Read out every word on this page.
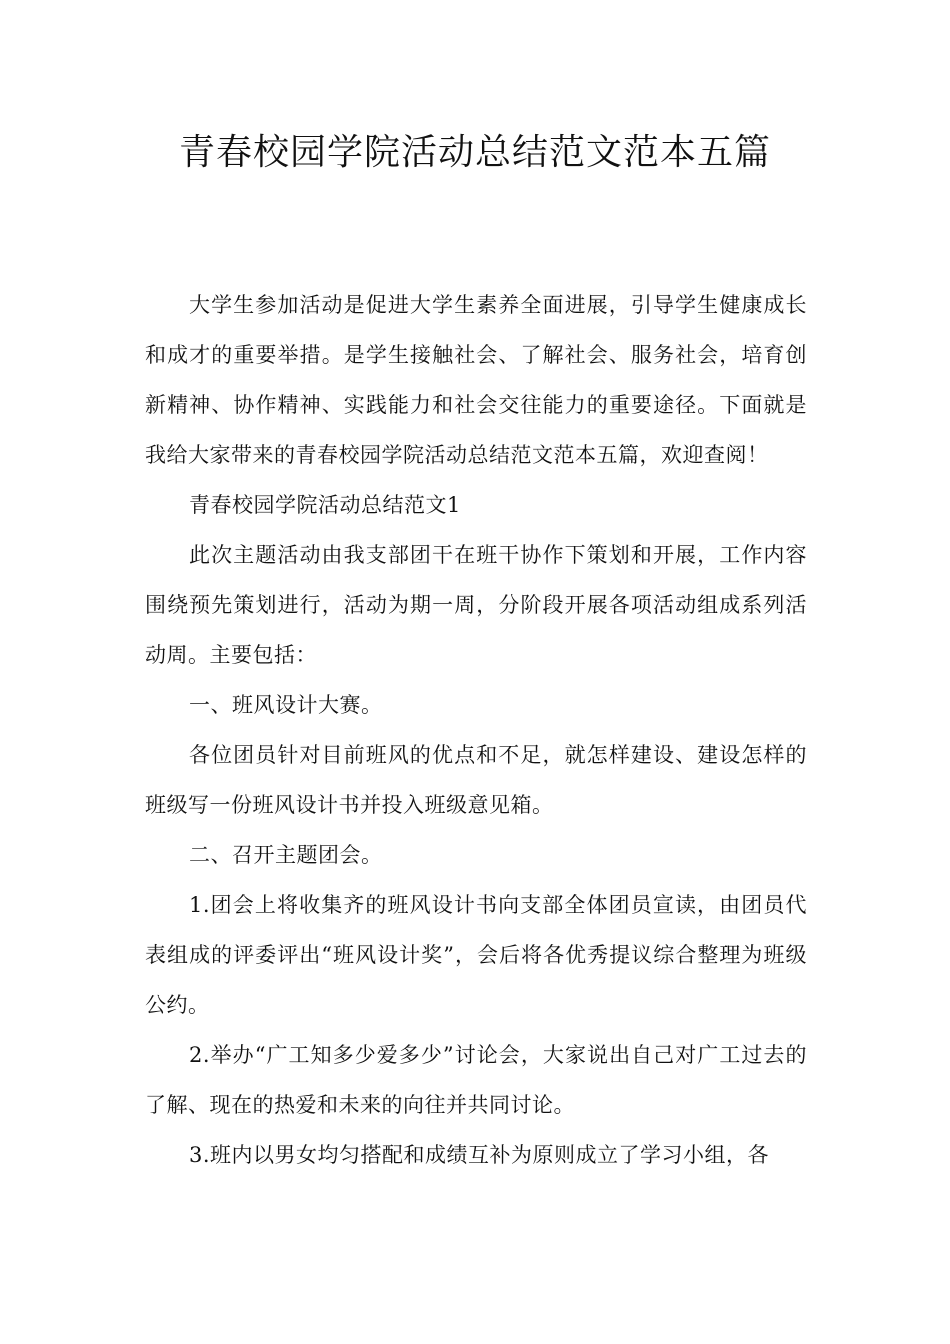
青春校园学院活动总结范文范本五篇

大学生参加活动是促进大学生素养全面进展，引导学生健康成长和成才的重要举措。是学生接触社会、了解社会、服务社会，培育创新精神、协作精神、实践能力和社会交往能力的重要途径。下面就是我给大家带来的青春校园学院活动总结范文范本五篇，欢迎查阅！

青春校园学院活动总结范文1

此次主题活动由我支部团干在班干协作下策划和开展，工作内容围绕预先策划进行，活动为期一周，分阶段开展各项活动组成系列活动周。主要包括：

一、班风设计大赛。

各位团员针对目前班风的优点和不足，就怎样建设、建设怎样的班级写一份班风设计书并投入班级意见箱。

二、召开主题团会。

1.团会上将收集齐的班风设计书向支部全体团员宣读，由团员代表组成的评委评出“班风设计奖”，会后将各优秀提议综合整理为班级公约。

2.举办“广工知多少爱多少”讨论会，大家说出自己对广工过去的了解、现在的热爱和未来的向往并共同讨论。

3.班内以男女均匀搭配和成绩互补为原则成立了学习小组，各
